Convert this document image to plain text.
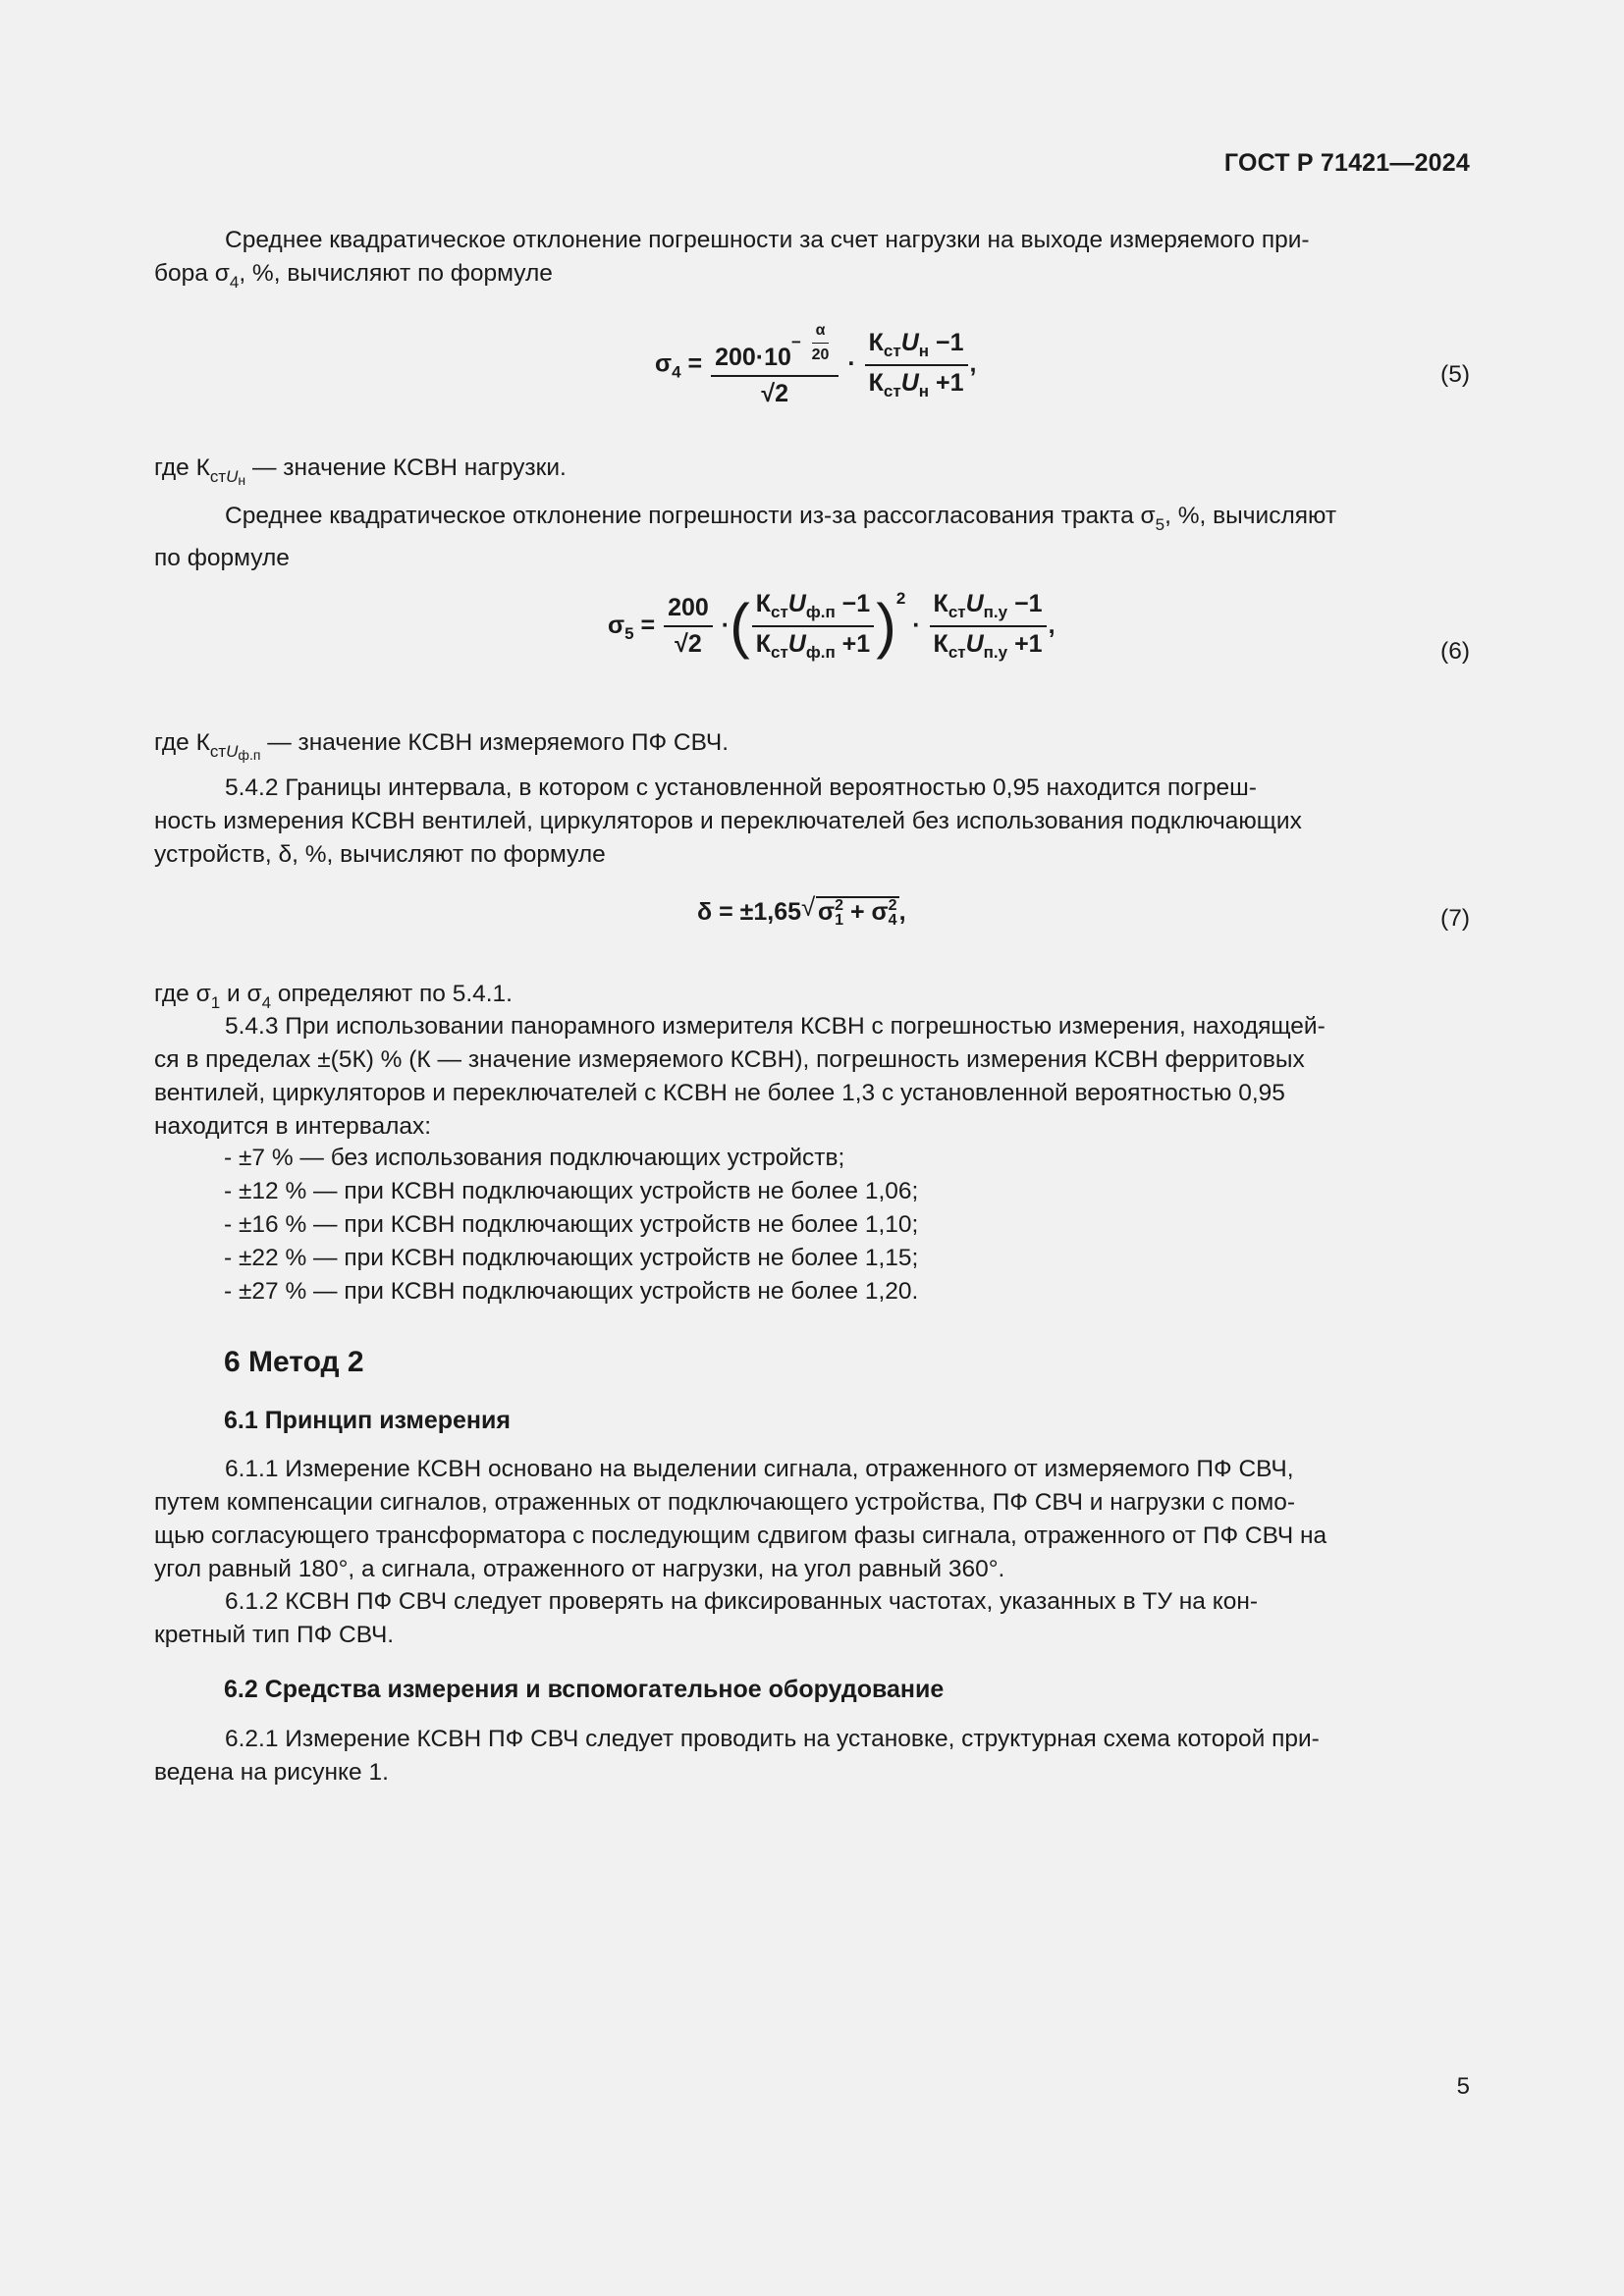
ГОСТ Р 71421—2024
Среднее квадратическое отклонение погрешности за счет нагрузки на выходе измеряемого при-
бора $\sigma_4$, %, вычисляют по формуле
$\sigma_4 = 200\cdot 10^{- \frac{\alpha}{20}}$
$√2 \cdot \frac{К_{ст}U_н -1}{К_{ст}U_н +1}$ ,	(5)
где $К_{стUн}$ — значение КСВН нагрузки.
Среднее квадратическое отклонение погрешности из-за рассогласования тракта $\sigma_5$, %, вычисляют
по формуле
$\sigma_5 = \frac{200}{√2}$ ·( $\frac{К_{ст}U_{ф.п} -1}{К_{ст}U_{ф.п} +1} )^2 \cdot \frac{К_{ст}U_{п.у} -1}{К_{ст}U_{п.у} +1}$ ,
(6)
где $К_{стUф.п}$ — значение КСВН измеряемого ПФ СВЧ.
5.4.2 Границы интервала, в котором с установленной вероятностью 0,95 находится погреш-
ность измерения КСВН вентилей, циркуляторов и переключателей без использования подключающих
устройств, δ, %, вычисляют по формуле
δ = ±1,65 √ σ 2
1 + σ 2
4 ,	(7)
где $\sigma_1$ и $\sigma_4$ определяют по 5.4.1.
5.4.3 При использовании панорамного измерителя КСВН с погрешностью измерения, находящей-
ся в пределах ±(5К) % (К — значение измеряемого КСВН), погрешность измерения КСВН ферритовых
вентилей, циркуляторов и переключателей с КСВН не более 1,3 с установленной вероятностью 0,95
находится в интервалах:
- ±7 % — без использования подключающих устройств;
- ±12 % — при КСВН подключающих устройств не более 1,06;
- ±16 % — при КСВН подключающих устройств не более 1,10;
- ±22 % — при КСВН подключающих устройств не более 1,15;
- ±27 % — при КСВН подключающих устройств не более 1,20.
6 Метод 2
6.1 Принцип измерения
6.1.1 Измерение КСВН основано на выделении сигнала, отраженного от измеряемого ПФ СВЧ,
путем компенсации сигналов, отраженных от подключающего устройства, ПФ СВЧ и нагрузки с помо-
щью согласующего трансформатора с последующим сдвигом фазы сигнала, отраженного от ПФ СВЧ на
угол равный 180°, а сигнала, отраженного от нагрузки, на угол равный 360°.
6.1.2 КСВН ПФ СВЧ следует проверять на фиксированных частотах, указанных в ТУ на кон-
кретный тип ПФ СВЧ.
6.2 Средства измерения и вспомогательное оборудование
6.2.1 Измерение КСВН ПФ СВЧ следует проводить на установке, структурная схема которой при-
ведена на рисунке 1.
5
